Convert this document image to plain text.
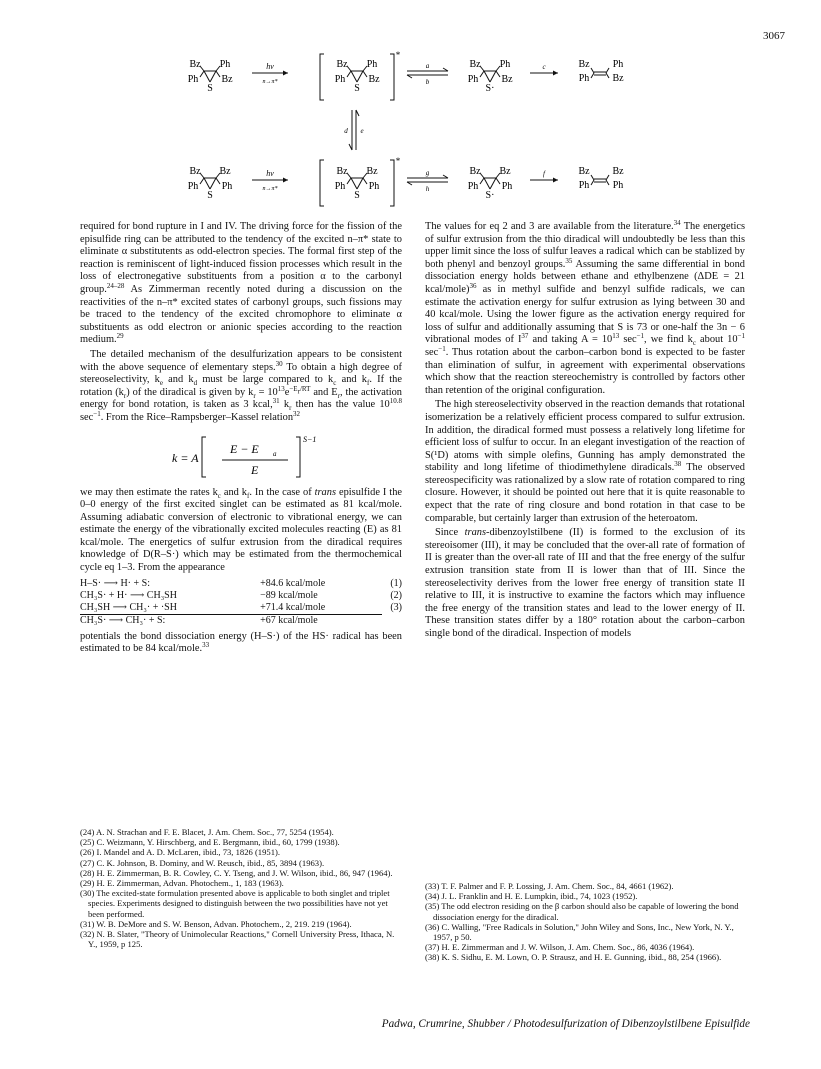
3067
Bz Ph
Ph Bz
S
hν
n→π*
*
Bz Ph
Ph Bz
S
a
b
Bz Ph
Ph Bz
S·
c	Bz Ph
Ph Bz
d e
Bz Bz
Ph Ph
S
hν
n→π*
*
Bz Bz
Ph Ph
S
g
h
Bz Bz
Ph Ph
S·
f	Bz Bz
Ph Ph

required for bond rupture in I and IV. The driving force for the fission of the episulfide ring can be attributed to the tendency of the excited n–π* state to eliminate α substitutents as odd-electron species. The formal first step of the reaction is reminiscent of light-induced fission processes which result in the loss of electronegative substituents from a position α to the carbonyl group.$^{24-28}$ As Zimmerman recently noted during a discussion on the reactivities of the n–π* excited states of carbonyl groups, such fissions may be traced to the tendency of the excited chromophore to eliminate α substituents as odd electron or anionic species according to the reaction medium.$^{29}$

The detailed mechanism of the desulfurization appears to be consistent with the above sequence of elementary steps.$^{30}$ To obtain a high degree of stereoselectivity, $k_e$ and $k_d$ must be large compared to $k_c$ and $k_f$. If the rotation $(k_r)$ of the diradical is given by $k_r = 10^{13}e^{-E_r/RT}$ and $E_r$, the activation energy for bond rotation, is taken as 3 kcal,$^{31}$ $k_r$ then has the value $10^{10.8}$ $\sec^{-1}$. From the Rice–Rampsberger–Kassel relation$^{32}$

k = A
E − E a
E
S−1

we may then estimate the rates $k_c$ and $k_f$. In the case of trans episulfide I the 0–0 energy of the first excited singlet can be estimated as 81 kcal/mole. Assuming adiabatic conversion of electronic to vibrational energy, we can estimate the energy of the vibrationally excited molecules reacting (E) as 81 kcal/mole. The energetics of sulfur extrusion from the diradical requires knowledge of D(R–S·) which may be estimated from the thermochemical cycle eq 1–3. From the appearance

H–S· ⟶ H· + S:	+84.6 kcal/mole	(1)
CH₃S· + H· ⟶ CH₃SH	−89 kcal/mole	(2)
CH₃SH ⟶ CH₃· + ·SH	+71.4 kcal/mole	(3)
CH₃S· ⟶ CH₃· + S:	+67 kcal/mole	

potentials the bond dissociation energy (H–S·) of the HS· radical has been estimated to be 84 kcal/mole.$^{33}$

The values for eq 2 and 3 are available from the literature.$^{34}$ The energetics of sulfur extrusion from the thio diradical will undoubtedly be less than this upper limit since the loss of sulfur leaves a radical which can be stablized by both phenyl and benzoyl groups.$^{35}$ Assuming the same differential in bond dissociation energy holds between ethane and ethylbenzene (ΔDE = 21 kcal/mole)$^{36}$ as in methyl sulfide and benzyl sulfide radicals, we can estimate the activation energy for sulfur extrusion as lying between 30 and 40 kcal/mole. Using the lower figure as the activation energy required for loss of sulfur and additionally assuming that S is 73 or one-half the 3n − 6 vibrational modes of $I^{37}$ and taking $A = 10^{13}$ $\sec^{-1}$, we find $k_c$ about $10^{-1}$ $\sec^{-1}$. Thus rotation about the carbon–carbon bond is expected to be faster than elimination of sulfur, in agreement with experimental observations which show that the reaction stereochemistry is controlled by factors other than retention of the original configuration.

The high stereoselectivity observed in the reaction demands that rotational isomerization be a relatively efficient process compared to sulfur extrusion. In addition, the diradical formed must possess a relatively long lifetime for efficient loss of sulfur to occur. In an elegant investigation of the reaction of S(¹D) atoms with simple olefins, Gunning has amply demonstrated the stability and long lifetime of thiodimethylene diradicals.$^{38}$ The observed stereospecificity was rationalized by a slow rate of rotation compared to ring closure. However, it should be pointed out here that it is quite reasonable to expect that the rate of ring closure and bond rotation in that case to be comparable, but certainly larger than extrusion of the heteroatom.

Since trans-dibenzoylstilbene (II) is formed to the exclusion of its stereoisomer (III), it may be concluded that the over-all rate of formation of II is greater than the over-all rate of III and that the free energy of the sulfur extrusion transition state from II is lower than that of III. Since the stereoselectivity derives from the lower free energy of transition state II relative to III, it is instructive to examine the factors which may influence the free energy of the transition states and lead to the lower energy of II. These transition states differ by a 180° rotation about the carbon–carbon single bond of the diradical. Inspection of models

(24) A. N. Strachan and F. E. Blacet, J. Am. Chem. Soc., 77, 5254 (1954).
(25) C. Weizmann, Y. Hirschberg, and E. Bergmann, ibid., 60, 1799 (1938).
(26) I. Mandel and A. D. McLaren, ibid., 73, 1826 (1951).
(27) C. K. Johnson, B. Dominy, and W. Reusch, ibid., 85, 3894 (1963).
(28) H. E. Zimmerman, B. R. Cowley, C. Y. Tseng, and J. W. Wilson, ibid., 86, 947 (1964).
(29) H. E. Zimmerman, Advan. Photochem., 1, 183 (1963).
(30) The excited-state formulation presented above is applicable to both singlet and triplet species. Experiments designed to distinguish between the two possibilities have not yet been performed.
(31) W. B. DeMore and S. W. Benson, Advan. Photochem., 2, 219. 219 (1964).
(32) N. B. Slater, "Theory of Unimolecular Reactions," Cornell University Press, Ithaca, N. Y., 1959, p 125.
(33) T. F. Palmer and F. P. Lossing, J. Am. Chem. Soc., 84, 4661 (1962).
(34) J. L. Franklin and H. E. Lumpkin, ibid., 74, 1023 (1952).
(35) The odd electron residing on the β carbon should also be capable of lowering the bond dissociation energy for the diradical.
(36) C. Walling, "Free Radicals in Solution," John Wiley and Sons, Inc., New York, N. Y., 1957, p 50.
(37) H. E. Zimmerman and J. W. Wilson, J. Am. Chem. Soc., 86, 4036 (1964).
(38) K. S. Sidhu, E. M. Lown, O. P. Strausz, and H. E. Gunning, ibid., 88, 254 (1966).
Padwa, Crumrine, Shubber / Photodesulfurization of Dibenzoylstilbene Episulfide
